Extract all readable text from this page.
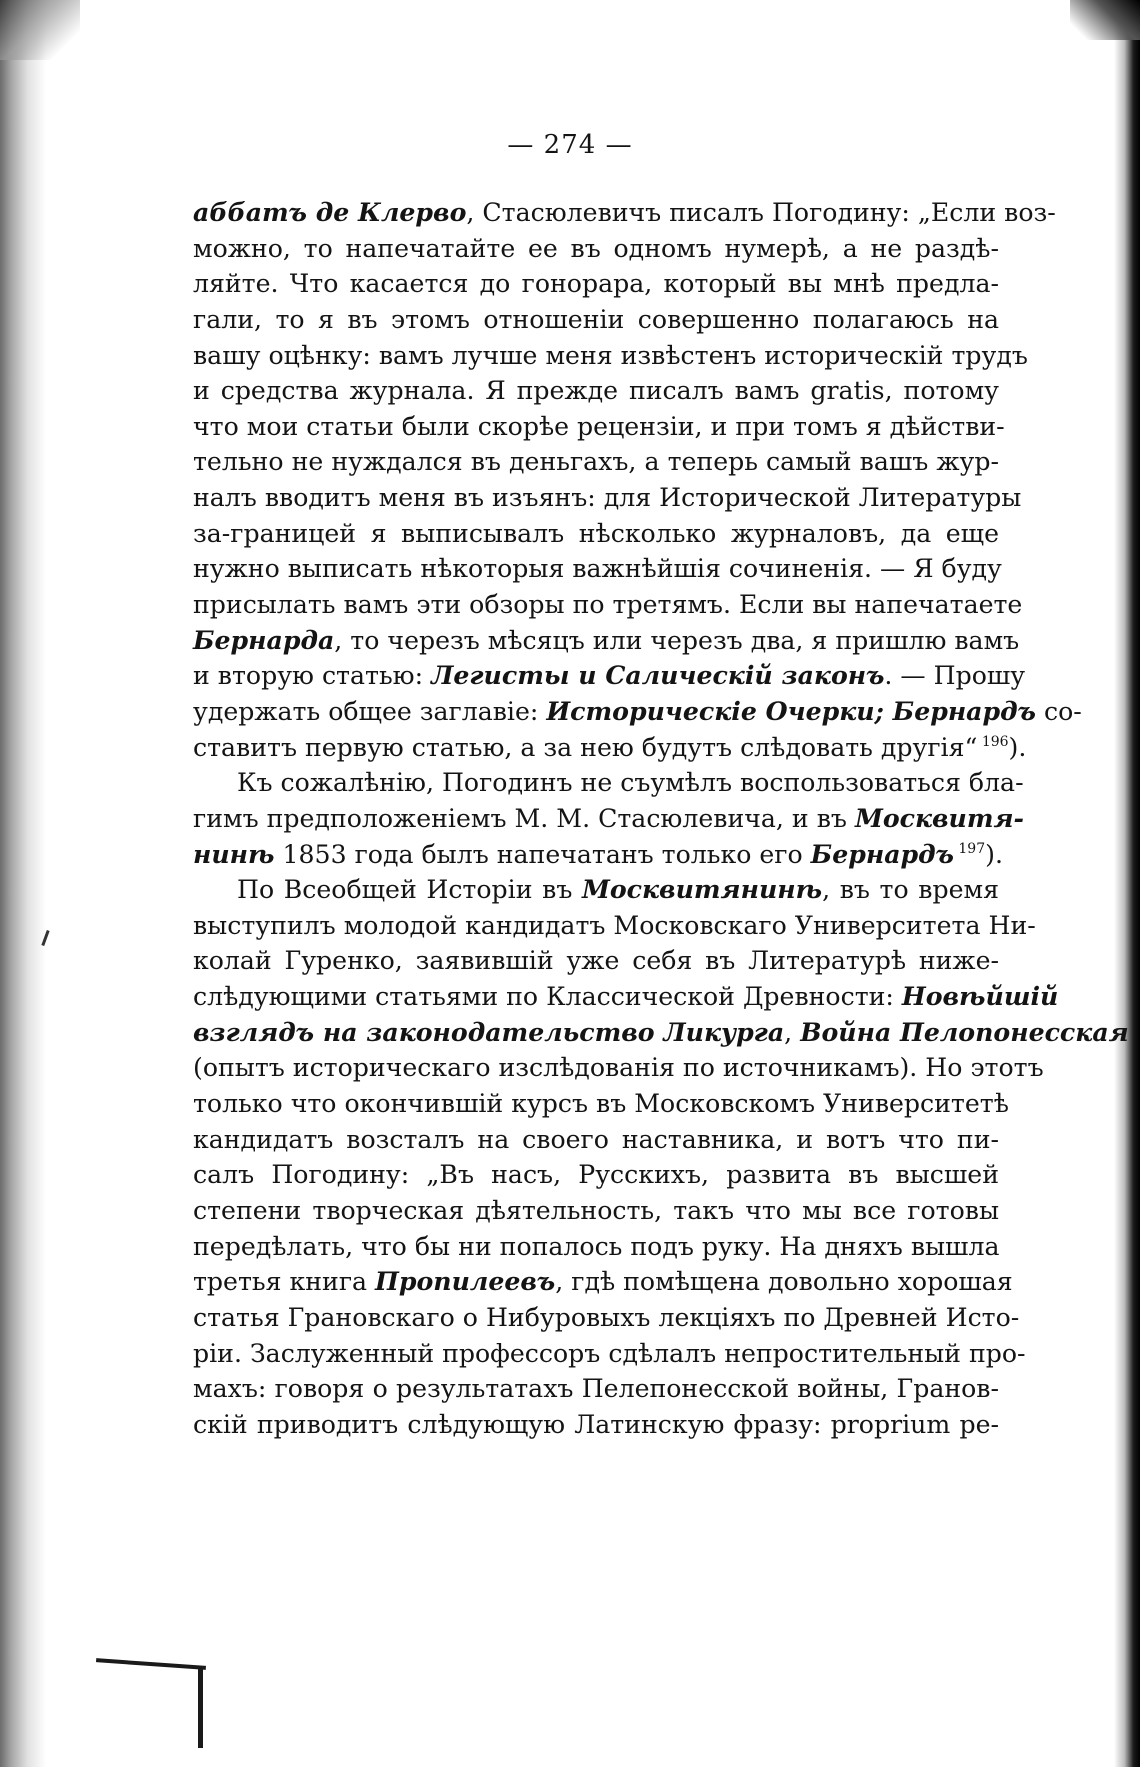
— 274 —
аббатъ де Клерво, Стасюлевичъ писалъ Погодину: „Если воз-
можно, то напечатайте ее въ одномъ нумерѣ, а не раздѣ-
ляйте. Что касается до гонорара, который вы мнѣ предла-
гали, то я въ этомъ отношеніи совершенно полагаюсь на
вашу оцѣнку: вамъ лучше меня извѣстенъ историческій трудъ
и средства журнала. Я прежде писалъ вамъ gratis, потому
что мои статьи были скорѣе рецензіи, и при томъ я дѣйстви-
тельно не нуждался въ деньгахъ, а теперь самый вашъ жур-
налъ вводитъ меня въ изъянъ: для Исторической Литературы
за-границей я выписывалъ нѣсколько журналовъ, да еще
нужно выписать нѣкоторыя важнѣйшія сочиненія. — Я буду
присылать вамъ эти обзоры по третямъ. Если вы напечатаете
Бернарда, то черезъ мѣсяцъ или черезъ два, я пришлю вамъ
и вторую статью: Легисты и Салическій законъ. — Прошу
удержать общее заглавіе: Историческіе Очерки; Бернардъ со-
ставитъ первую статью, а за нею будутъ слѣдовать другія“ $^{196}$).
Къ сожалѣнію, Погодинъ не съумѣлъ воспользоваться бла-
гимъ предположеніемъ М. М. Стасюлевича, и въ Москвитя-
нинѣ 1853 года былъ напечатанъ только его Бернардъ $^{197}$).
По Всеобщей Исторіи въ Москвитянинѣ, въ то время
выступилъ молодой кандидатъ Московскаго Университета Ни-
колай Гуренко, заявившій уже себя въ Литературѣ ниже-
слѣдующими статьями по Классической Древности: Новѣйшій
взглядъ на законодательство Ликурга, Война Пелопонесская
(опытъ историческаго изслѣдованія по источникамъ). Но этотъ
только что окончившій курсъ въ Московскомъ Университетѣ
кандидатъ возсталъ на своего наставника, и вотъ что пи-
салъ Погодину: „Въ насъ, Русскихъ, развита въ высшей
степени творческая дѣятельность, такъ что мы все готовы
передѣлать, что бы ни попалось подъ руку. На дняхъ вышла
третья книга Пропилеевъ, гдѣ помѣщена довольно хорошая
статья Грановскаго о Нибуровыхъ лекціяхъ по Древней Исто-
ріи. Заслуженный профессоръ сдѣлалъ непростительный про-
махъ: говоря о результатахъ Пелепонесской войны, Гранов-
скій приводитъ слѣдующую Латинскую фразу: proprium ре-
